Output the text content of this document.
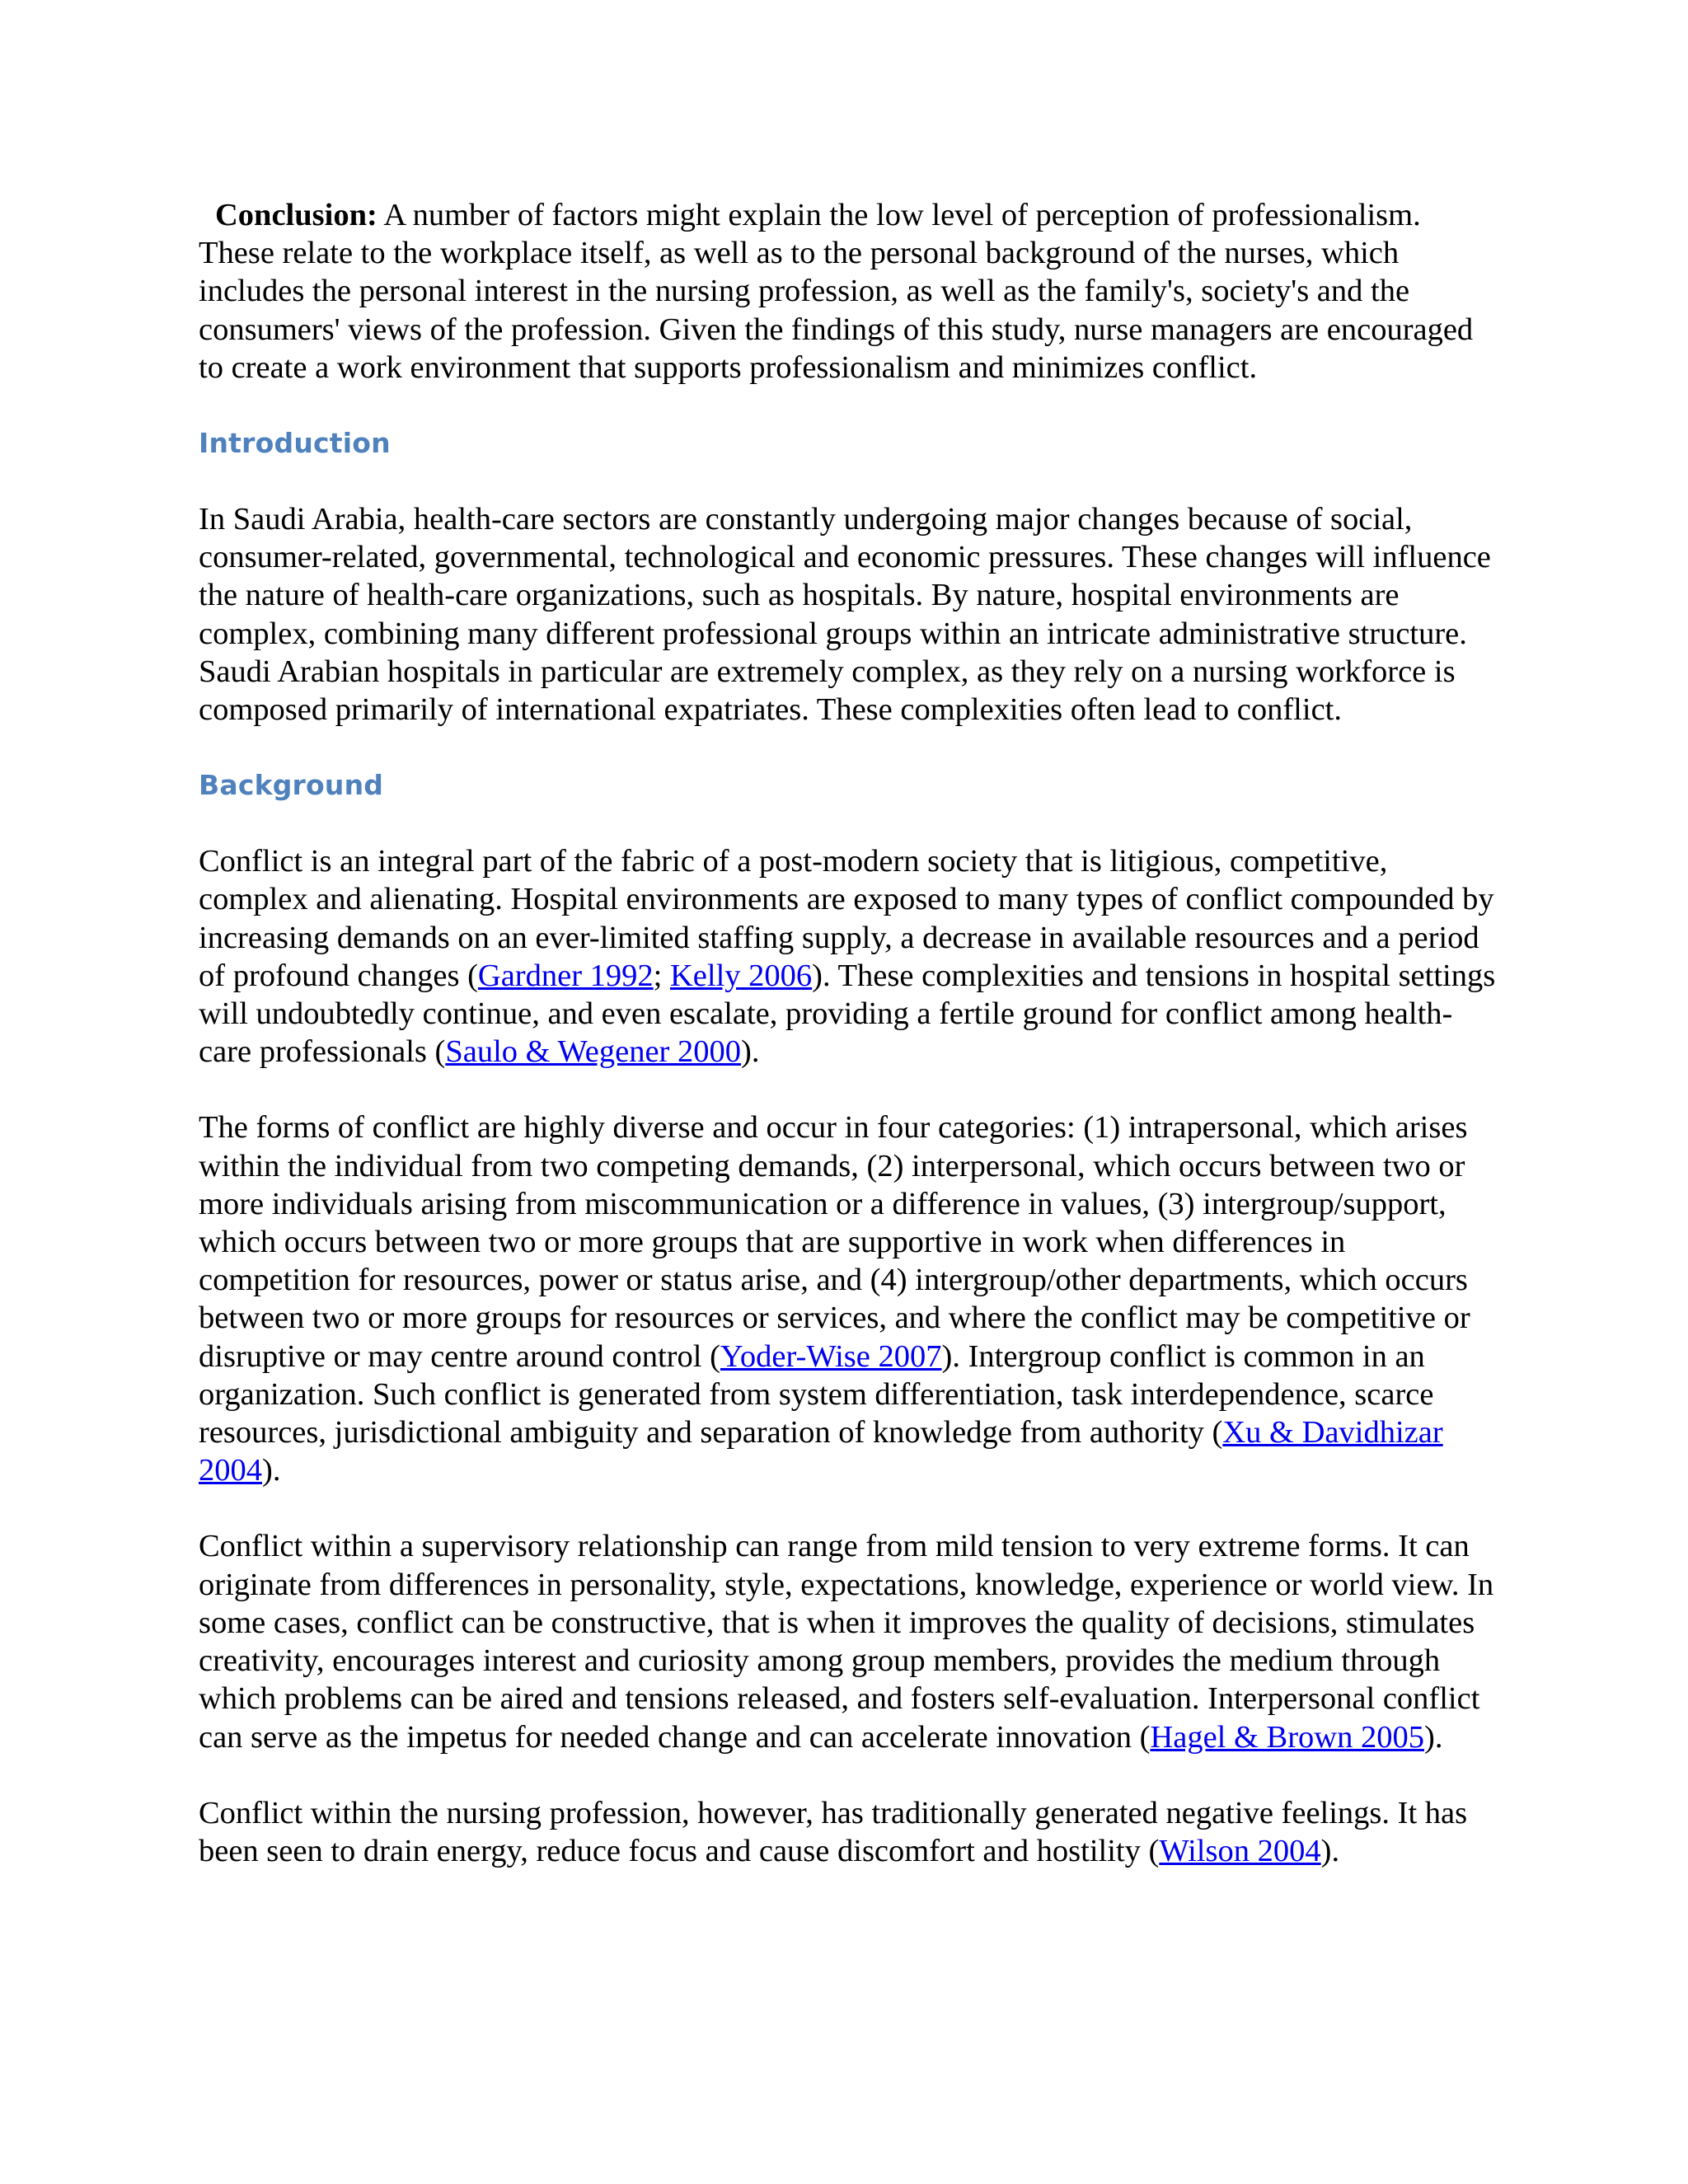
Conclusion: A number of factors might explain the low level of perception of professionalism. These relate to the workplace itself, as well as to the personal background of the nurses, which includes the personal interest in the nursing profession, as well as the family's, society's and the consumers' views of the profession. Given the findings of this study, nurse managers are encouraged to create a work environment that supports professionalism and minimizes conflict.

Introduction

In Saudi Arabia, health-care sectors are constantly undergoing major changes because of social, consumer-related, governmental, technological and economic pressures. These changes will influence the nature of health-care organizations, such as hospitals. By nature, hospital environments are complex, combining many different professional groups within an intricate administrative structure. Saudi Arabian hospitals in particular are extremely complex, as they rely on a nursing workforce is composed primarily of international expatriates. These complexities often lead to conflict.

Background

Conflict is an integral part of the fabric of a post-modern society that is litigious, competitive, complex and alienating. Hospital environments are exposed to many types of conflict compounded by increasing demands on an ever-limited staffing supply, a decrease in available resources and a period of profound changes (Gardner 1992; Kelly 2006). These complexities and tensions in hospital settings will undoubtedly continue, and even escalate, providing a fertile ground for conflict among health-care professionals (Saulo & Wegener 2000).

The forms of conflict are highly diverse and occur in four categories: (1) intrapersonal, which arises within the individual from two competing demands, (2) interpersonal, which occurs between two or more individuals arising from miscommunication or a difference in values, (3) intergroup/support, which occurs between two or more groups that are supportive in work when differences in competition for resources, power or status arise, and (4) intergroup/other departments, which occurs between two or more groups for resources or services, and where the conflict may be competitive or disruptive or may centre around control (Yoder-Wise 2007). Intergroup conflict is common in an organization. Such conflict is generated from system differentiation, task interdependence, scarce resources, jurisdictional ambiguity and separation of knowledge from authority (Xu & Davidhizar 2004).

Conflict within a supervisory relationship can range from mild tension to very extreme forms. It can originate from differences in personality, style, expectations, knowledge, experience or world view. In some cases, conflict can be constructive, that is when it improves the quality of decisions, stimulates creativity, encourages interest and curiosity among group members, provides the medium through which problems can be aired and tensions released, and fosters self-evaluation. Interpersonal conflict can serve as the impetus for needed change and can accelerate innovation (Hagel & Brown 2005).

Conflict within the nursing profession, however, has traditionally generated negative feelings. It has been seen to drain energy, reduce focus and cause discomfort and hostility (Wilson 2004).
